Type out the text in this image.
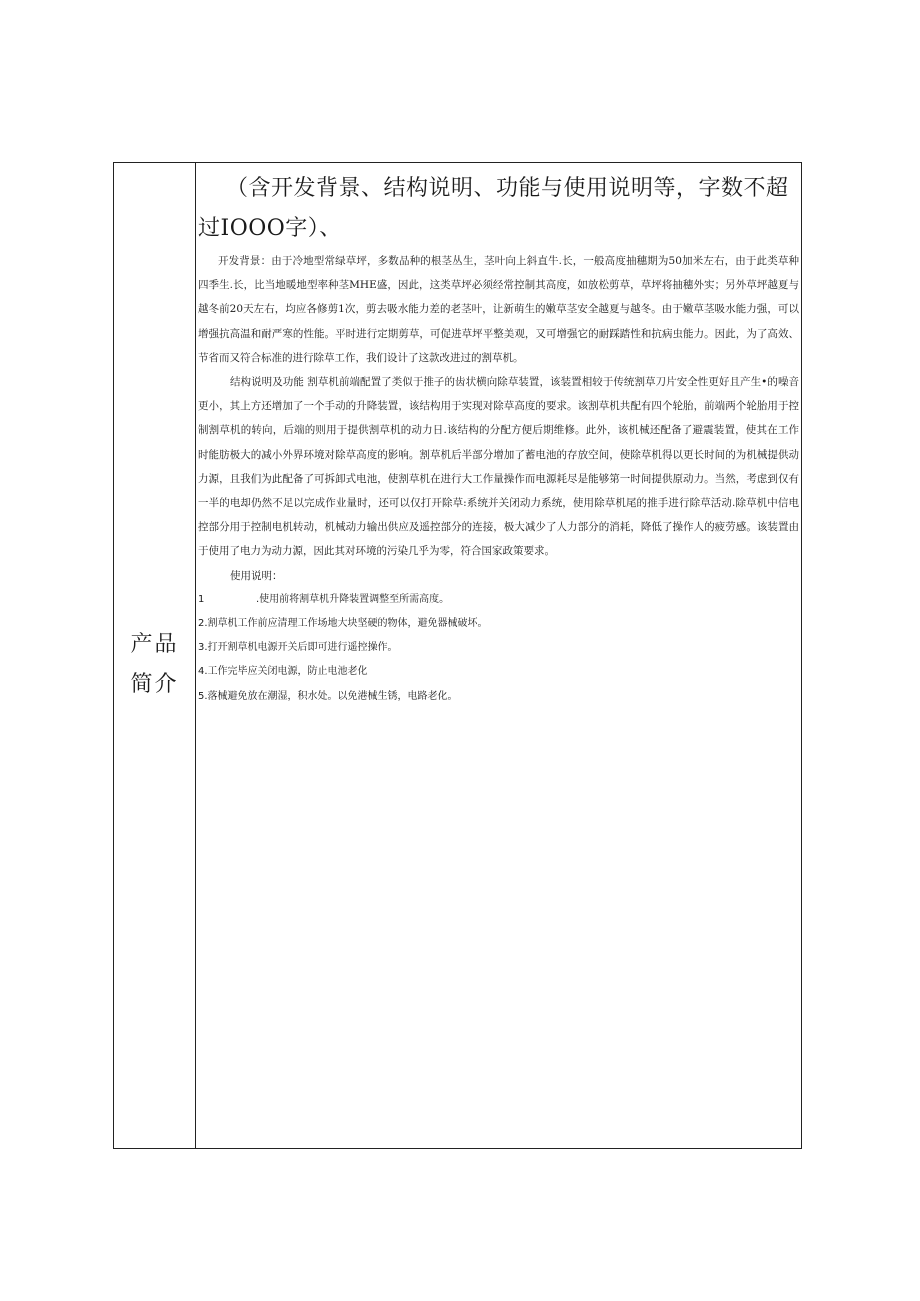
产品简介

（含开发背景、结构说明、功能与使用说明等，字数不超过IOOO字）、

开发背景：由于冷地型常绿草坪，多数品种的根茎丛生，茎叶向上斜直牛.长，一般高度抽穗期为50加米左右，由于此类草种四季生.长，比当地暖地型率种茎MHE盛，因此，这类草坪必须经常控制其高度，如放松剪草，草坪将抽穗外实；另外草坪越夏与越冬前20天左右，均应各修剪1次，剪去吸水能力差的老茎叶，让新萌生的嫩草茎安全越夏与越冬。由于嫩草茎吸水能力强，可以增强抗高温和耐严寒的性能。平时进行定期剪草，可促进草坪平整美观，又可增强它的耐踩踏性和抗病虫能力。因此，为了高效、节省而又符合标准的进行除草工作，我们设计了这款改进过的割草机。

结构说明及功能 割草机前端配置了类似于推子的齿状横向除草装置，该装置相较于传统割草刀片安全性更好且产生•的噪音更小，其上方还增加了一个手动的升降装置，该结构用于实现对除草高度的要求。该割草机共配有四个轮胎，前端两个轮胎用于控制割草机的转向，后端的则用于提供割草机的动力日.该结构的分配方便后期维修。此外，该机械还配备了避震装置，使其在工作时能肪极大的减小外界环境对除草高度的影响。割草机后半部分增加了蓄电池的存放空间，使除草机得以更长时间的为机械提供动力源，且我们为此配备了可拆卸式电池，使割草机在进行大工作量操作而电源耗尽是能够第一时间提供原动力。当然，考虑到仅有一半的电却仍然不足以完成作业量时，还可以仅打开除草:系统并关闭动力系统，使用除草机尾的推手进行除草活动.除草机中信电控部分用于控制电机转动，机械动力输出供应及遥控部分的连接，极大减少了人力部分的消耗，降低了操作人的疲劳感。该装置由于使用了电力为动力源，因此其对环境的污染几乎为零，符合国家政策要求。

使用说明：

1	.使用前将割草机升降装置调整至所需高度。

2.割草机工作前应清理工作场地大块坚硬的物体，避免器械破坏。

3.打开割草机电源开关后即可进行遥控操作。

4.工作完毕应关闭电源，防止电池老化

5.落械避免放在潮湿，积水处。以免港械生锈，电路老化。
